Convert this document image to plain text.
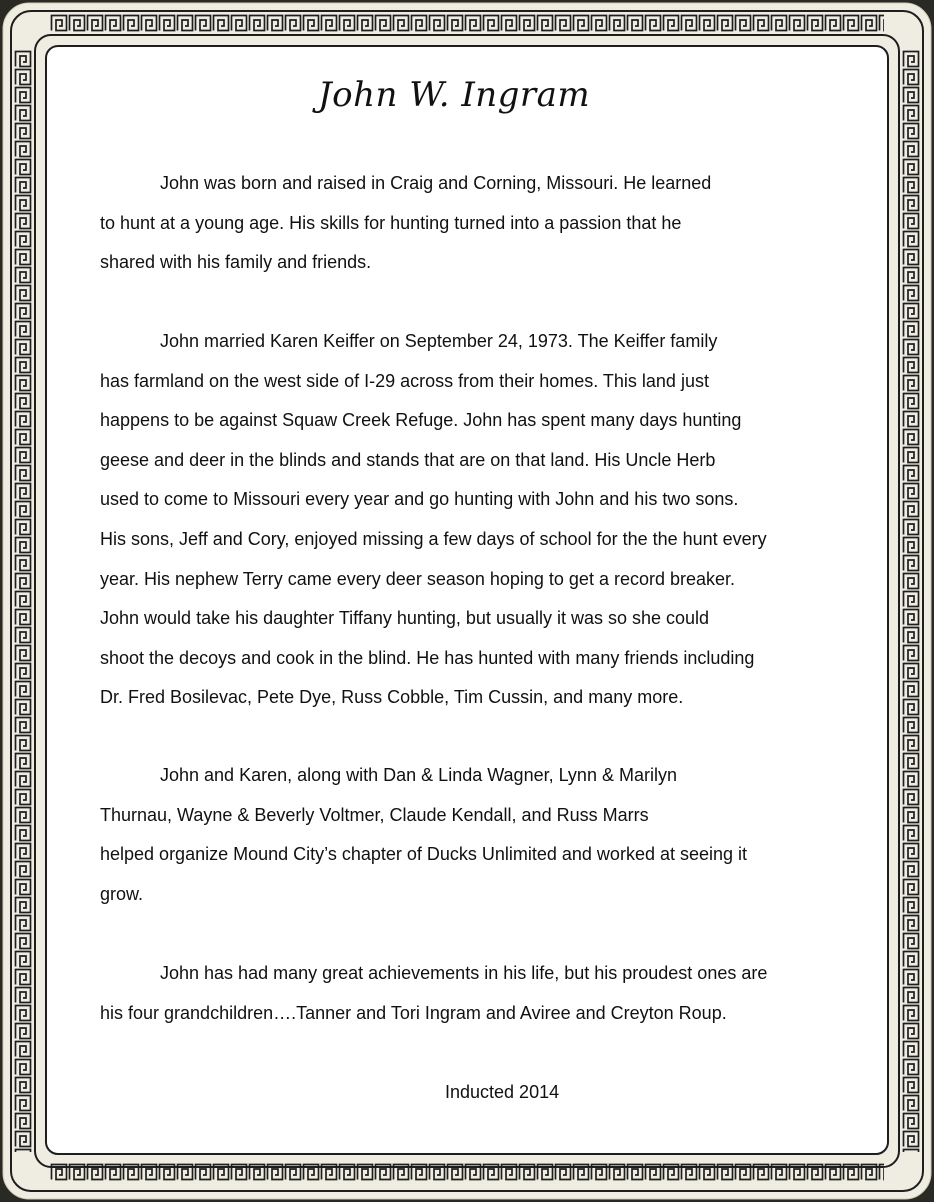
John W. Ingram
John was born and raised in Craig and Corning, Missouri. He learned
to hunt at a young age. His skills for hunting turned into a passion that he
shared with his family and friends.
John married Karen Keiffer on September 24, 1973. The Keiffer family
has farmland on the west side of I-29 across from their homes. This land just
happens to be against Squaw Creek Refuge. John has spent many days hunting
geese and deer in the blinds and stands that are on that land. His Uncle Herb
used to come to Missouri every year and go hunting with John and his two sons.
His sons, Jeff and Cory, enjoyed missing a few days of school for the the hunt every
year. His nephew Terry came every deer season hoping to get a record breaker.
John would take his daughter Tiffany hunting, but usually it was so she could
shoot the decoys and cook in the blind. He has hunted with many friends including
Dr. Fred Bosilevac, Pete Dye, Russ Cobble, Tim Cussin, and many more.
John and Karen, along with Dan & Linda Wagner, Lynn & Marilyn
Thurnau, Wayne & Beverly Voltmer, Claude Kendall, and Russ Marrs
helped organize Mound City’s chapter of Ducks Unlimited and worked at seeing it
grow.
John has had many great achievements in his life, but his proudest ones are
his four grandchildren….Tanner and Tori Ingram and Aviree and Creyton Roup.

Inducted 2014
